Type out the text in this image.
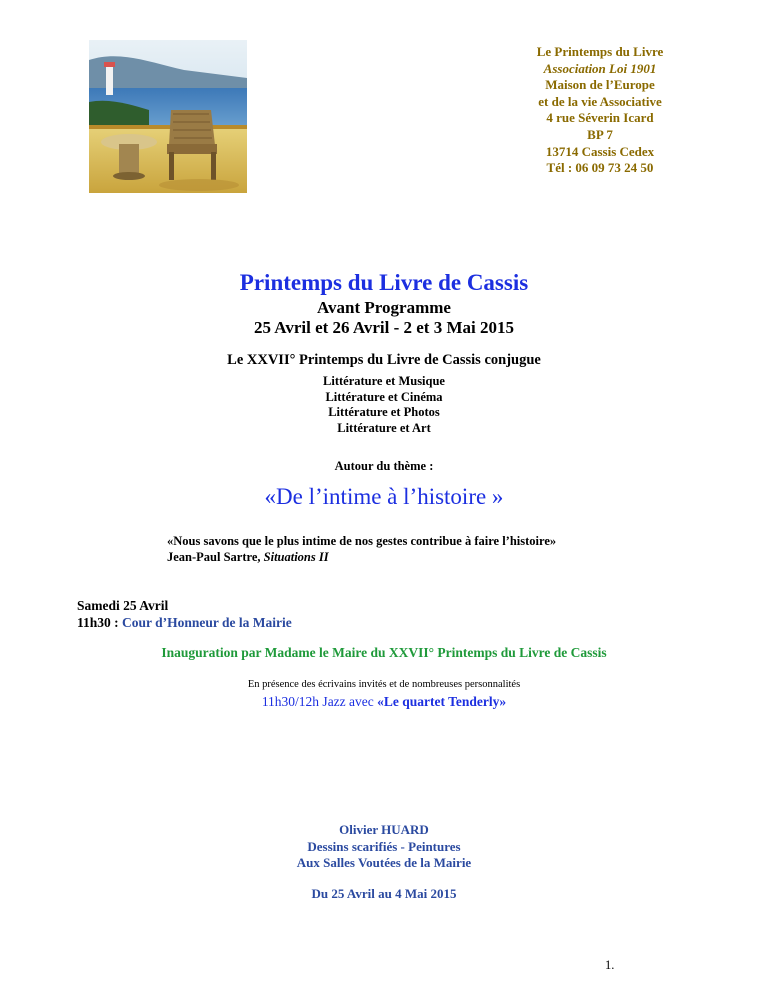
Le Printemps du Livre
Association Loi 1901
Maison de l’Europe
et de la vie Associative
4 rue Séverin Icard
BP 7
13714 Cassis Cedex
Tél : 06 09 73 24 50
Printemps du Livre de Cassis
Avant Programme
25 Avril et 26 Avril - 2 et 3 Mai 2015
Le XXVII° Printemps du Livre de Cassis conjugue
Littérature et Musique
Littérature et Cinéma
Littérature et Photos
Littérature et Art
Autour du thème :
«De l’intime à l’histoire »
«Nous savons que le plus intime de nos gestes contribue à faire l’histoire»
Jean-Paul Sartre, Situations II
Samedi 25 Avril
11h30 : Cour d’Honneur de la Mairie
Inauguration par Madame le Maire du XXVII° Printemps du Livre de Cassis
En présence des écrivains invités et de nombreuses personnalités
11h30/12h Jazz avec «Le quartet Tenderly»
Olivier HUARD
Dessins scarifiés - Peintures
Aux Salles Voutées de la Mairie
Du 25 Avril au 4 Mai 2015
1.
